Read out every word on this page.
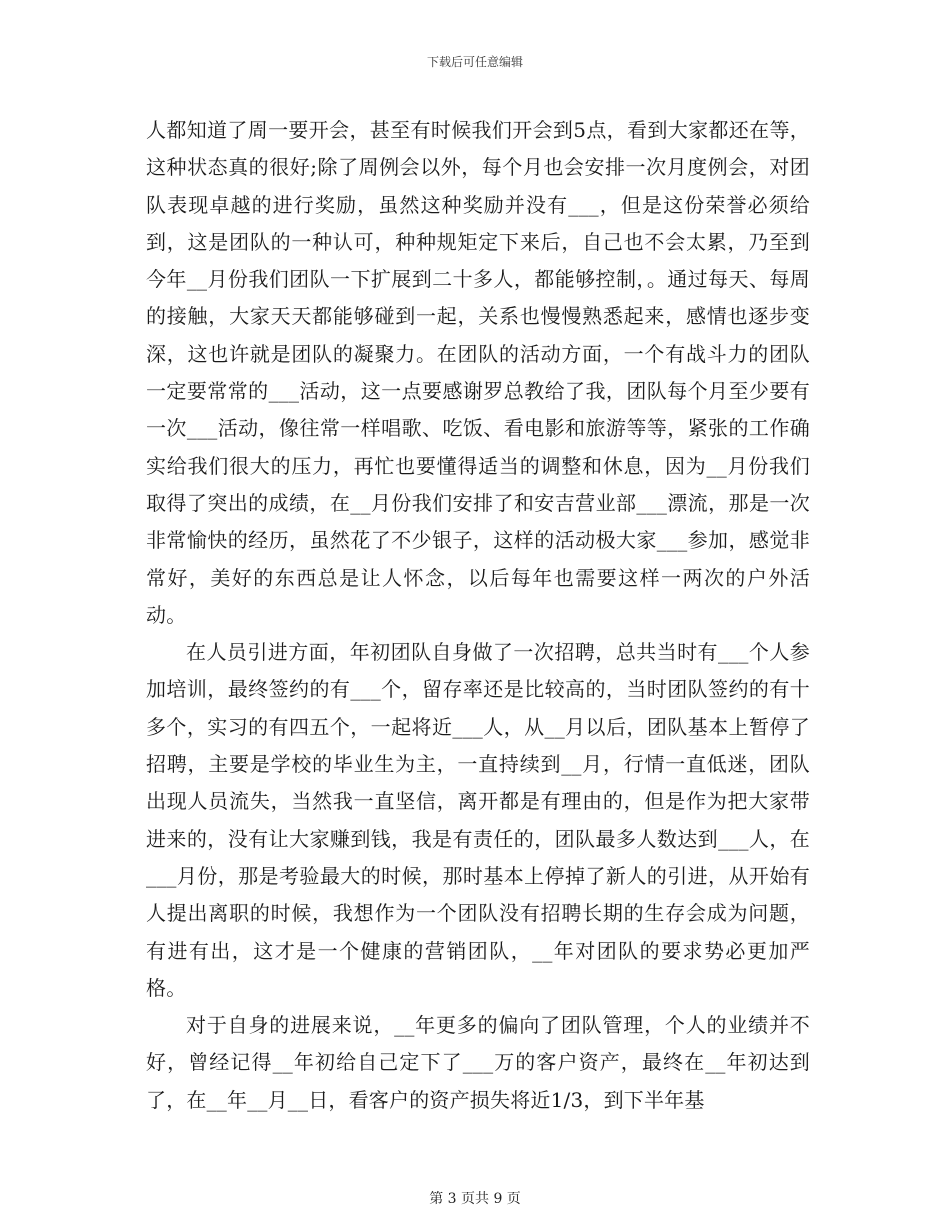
下载后可任意编辑

人都知道了周一要开会，甚至有时候我们开会到5点，看到大家都还在等，这种状态真的很好;除了周例会以外，每个月也会安排一次月度例会，对团队表现卓越的进行奖励，虽然这种奖励并没有___，但是这份荣誉必须给到，这是团队的一种认可，种种规矩定下来后，自己也不会太累，乃至到今年__月份我们团队一下扩展到二十多人，都能够控制，。通过每天、每周的接触，大家天天都能够碰到一起，关系也慢慢熟悉起来，感情也逐步变深，这也许就是团队的凝聚力。在团队的活动方面，一个有战斗力的团队一定要常常的___活动，这一点要感谢罗总教给了我，团队每个月至少要有一次___活动，像往常一样唱歌、吃饭、看电影和旅游等等，紧张的工作确实给我们很大的压力，再忙也要懂得适当的调整和休息，因为__月份我们取得了突出的成绩，在__月份我们安排了和安吉营业部___漂流，那是一次非常愉快的经历，虽然花了不少银子，这样的活动极大家___参加，感觉非常好，美好的东西总是让人怀念，以后每年也需要这样一两次的户外活动。

在人员引进方面，年初团队自身做了一次招聘，总共当时有___个人参加培训，最终签约的有___个，留存率还是比较高的，当时团队签约的有十多个，实习的有四五个，一起将近___人，从__月以后，团队基本上暂停了招聘，主要是学校的毕业生为主，一直持续到__月，行情一直低迷，团队出现人员流失，当然我一直坚信，离开都是有理由的，但是作为把大家带进来的，没有让大家赚到钱，我是有责任的，团队最多人数达到___人，在___月份，那是考验最大的时候，那时基本上停掉了新人的引进，从开始有人提出离职的时候，我想作为一个团队没有招聘长期的生存会成为问题，有进有出，这才是一个健康的营销团队，__年对团队的要求势必更加严格。

对于自身的进展来说，__年更多的偏向了团队管理，个人的业绩并不好，曾经记得__年初给自己定下了___万的客户资产，最终在__年初达到了，在__年__月__日，看客户的资产损失将近1/3，到下半年基

第 3 页共 9 页
